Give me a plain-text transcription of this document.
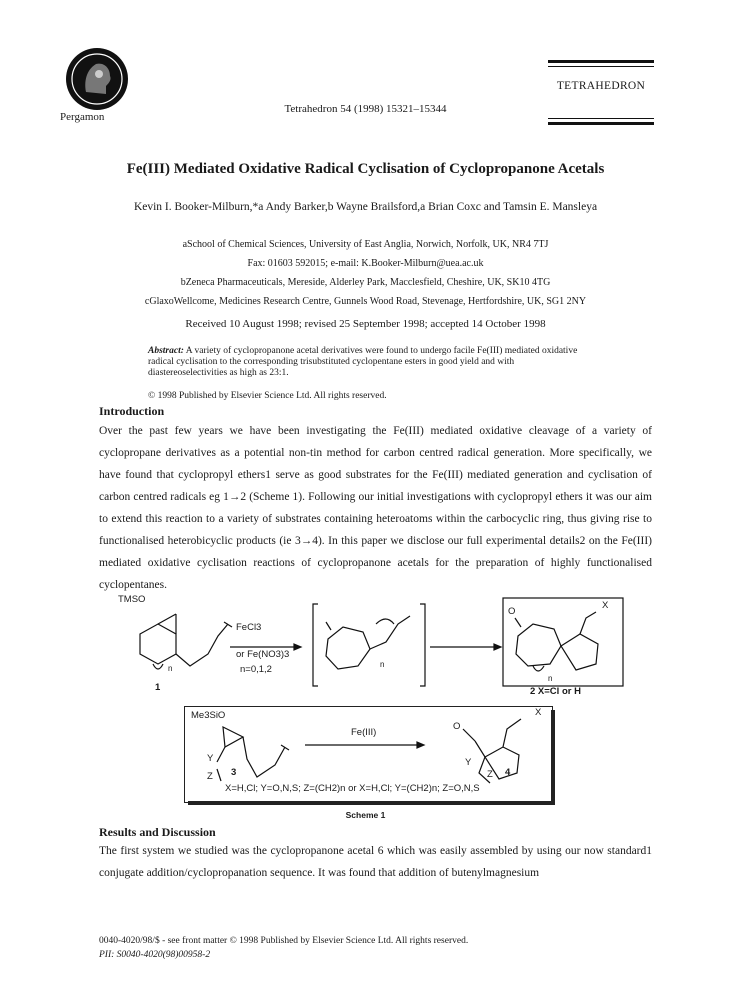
Pergamon
Tetrahedron 54 (1998) 15321–15344
TETRAHEDRON
Fe(III) Mediated Oxidative Radical Cyclisation of Cyclopropanone Acetals
Kevin I. Booker-Milburn,*a Andy Barker,b Wayne Brailsford,a Brian Coxc and Tamsin E. Mansleya
aSchool of Chemical Sciences, University of East Anglia, Norwich, Norfolk, UK, NR4 7TJ
Fax: 01603 592015; e-mail: K.Booker-Milburn@uea.ac.uk
bZeneca Pharmaceuticals, Mereside, Alderley Park, Macclesfield, Cheshire, UK, SK10 4TG
cGlaxoWellcome, Medicines Research Centre, Gunnels Wood Road, Stevenage, Hertfordshire, UK, SG1 2NY
Received 10 August 1998; revised 25 September 1998; accepted 14 October 1998
Abstract: A variety of cyclopropanone acetal derivatives were found to undergo facile Fe(III) mediated oxidative radical cyclisation to the corresponding trisubstituted cyclopentane esters in good yield and with diastereoselectivities as high as 23:1.
© 1998 Published by Elsevier Science Ltd. All rights reserved.
Introduction
Over the past few years we have been investigating the Fe(III) mediated oxidative cleavage of a variety of cyclopropane derivatives as a potential non-tin method for carbon centred radical generation. More specifically, we have found that cyclopropyl ethers1 serve as good substrates for the Fe(III) mediated generation and cyclisation of carbon centred radicals eg 1→2 (Scheme 1). Following our initial investigations with cyclopropyl ethers it was our aim to extend this reaction to a variety of substrates containing heteroatoms within the carbocyclic ring, thus giving rise to functionalised heterobicyclic products (ie 3→4). In this paper we disclose our full experimental details2 on the Fe(III) mediated oxidative cyclisation reactions of cyclopropanone acetals for the preparation of highly functionalised cyclopentanes.
TMSO
FeCl3
or Fe(NO3)3
n=0,1,2
1
n	n
O
X
n
2 X=Cl or H
Me3SiO
Y
Z
Fe(III)
O
X
Y
Z
3	4
X=H,Cl; Y=O,N,S; Z=(CH2)n or X=H,Cl; Y=(CH2)n; Z=O,N,S
Scheme 1
Results and Discussion
The first system we studied was the cyclopropanone acetal 6 which was easily assembled by using our now standard1 conjugate addition/cyclopropanation sequence. It was found that addition of butenylmagnesium
0040-4020/98/$ - see front matter © 1998 Published by Elsevier Science Ltd. All rights reserved.
PII: S0040-4020(98)00958-2
